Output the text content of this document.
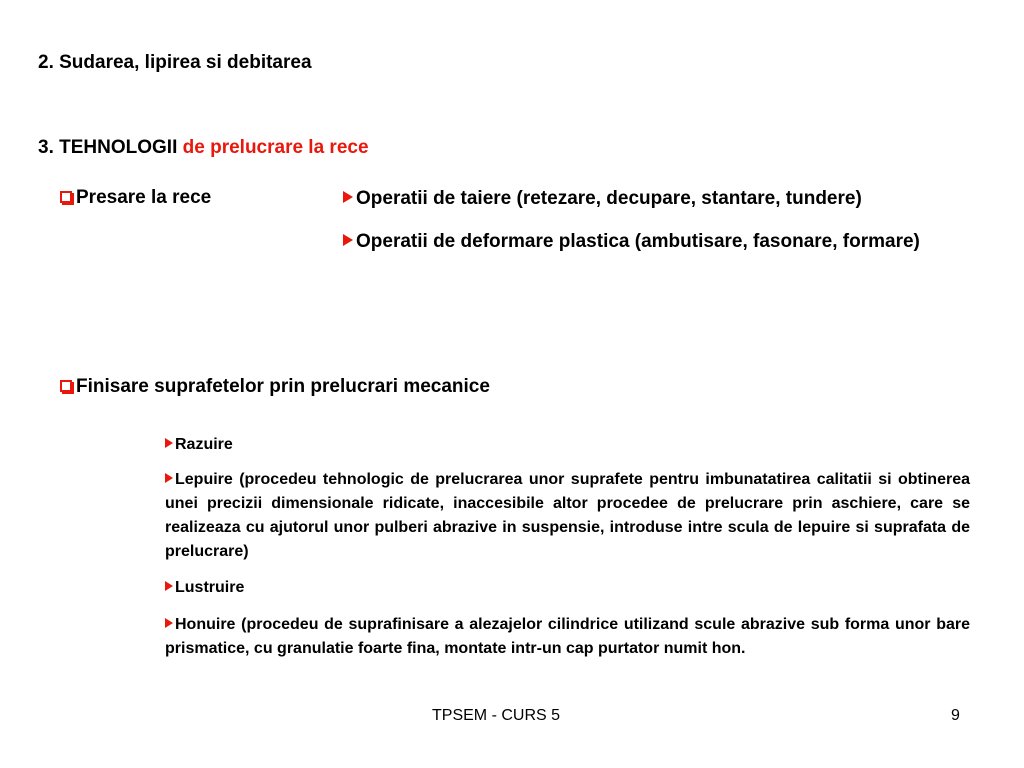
2. Sudarea, lipirea si debitarea
3. TEHNOLOGII de prelucrare la rece
Presare la rece	Operatii de taiere (retezare, decupare, stantare, tundere)
Operatii de deformare plastica (ambutisare, fasonare, formare)
Finisare suprafetelor prin prelucrari mecanice
Razuire
Lepuire (procedeu tehnologic de prelucrarea unor suprafete pentru imbunatatirea calitatii si obtinerea unei precizii dimensionale ridicate, inaccesibile altor procedee de prelucrare prin aschiere, care se realizeaza cu ajutorul unor pulberi abrazive in suspensie, introduse intre scula de lepuire si suprafata de prelucrare)
Lustruire
Honuire (procedeu de suprafinisare a alezajelor cilindrice utilizand scule abrazive sub forma unor bare prismatice, cu granulatie foarte fina, montate intr-un cap purtator numit hon.
TPSEM - CURS 5	9
